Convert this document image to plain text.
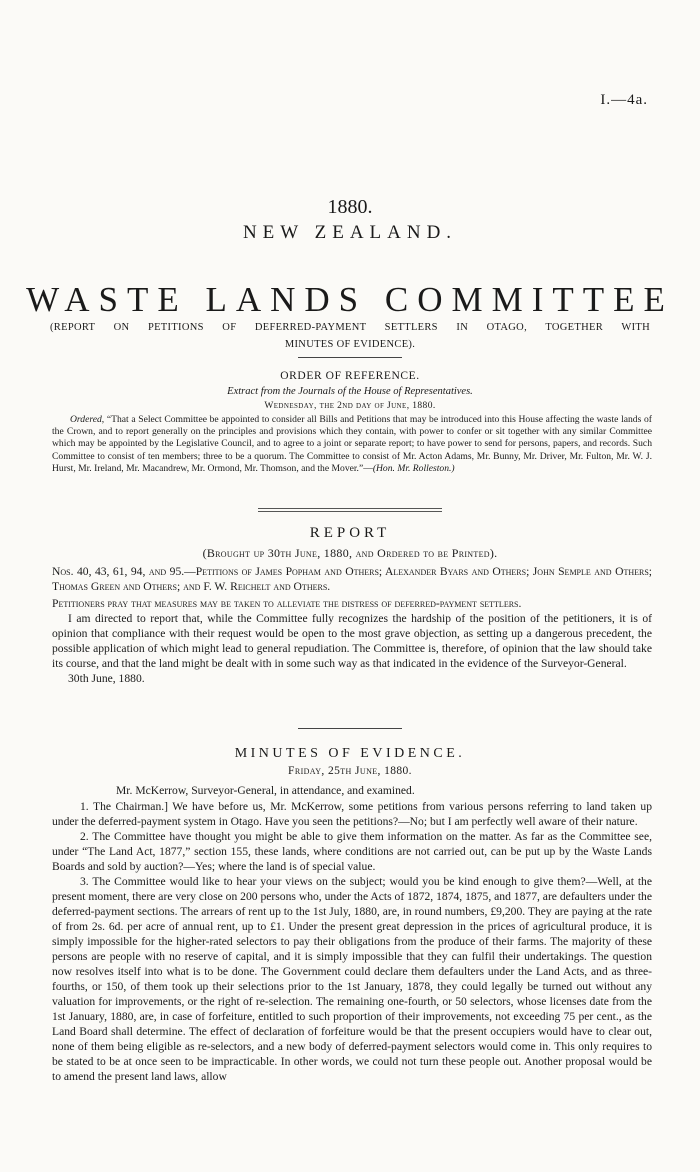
I.—4a.
1880.
NEW ZEALAND.
WASTE LANDS COMMITTEE
(REPORT ON PETITIONS OF DEFERRED-PAYMENT SETTLERS IN OTAGO, TOGETHER WITH
MINUTES OF EVIDENCE).
ORDER OF REFERENCE.
Extract from the Journals of the House of Representatives.
Wednesday, the 2nd day of June, 1880.

Ordered, “That a Select Committee be appointed to consider all Bills and Petitions that may be introduced into this House affecting the waste lands of the Crown, and to report generally on the principles and provisions which they contain, with power to confer or sit together with any similar Committee which may be appointed by the Legislative Council, and to agree to a joint or separate report; to have power to send for persons, papers, and records. Such Committee to consist of ten members; three to be a quorum. The Committee to consist of Mr. Acton Adams, Mr. Bunny, Mr. Driver, Mr. Fulton, Mr. W. J. Hurst, Mr. Ireland, Mr. Macandrew, Mr. Ormond, Mr. Thomson, and the Mover.”—(Hon. Mr. Rolleston.)

REPORT
(Brought up 30th June, 1880, and Ordered to be Printed).

Nos. 40, 43, 61, 94, and 95.—Petitions of James Popham and Others; Alexander Byars and Others; John Semple and Others; Thomas Green and Others; and F. W. Reichelt and Others.

Petitioners pray that measures may be taken to alleviate the distress of deferred-payment settlers.
I am directed to report that, while the Committee fully recognizes the hardship of the position of the petitioners, it is of opinion that compliance with their request would be open to the most grave objection, as setting up a dangerous precedent, the possible application of which might lead to general repudiation. The Committee is, therefore, of opinion that the law should take its course, and that the land might be dealt with in some such way as that indicated in the evidence of the Surveyor-General.
30th June, 1880.
MINUTES OF EVIDENCE.
Friday, 25th June, 1880.
Mr. McKerrow, Surveyor-General, in attendance, and examined.
1. The Chairman.] We have before us, Mr. McKerrow, some petitions from various persons referring to land taken up under the deferred-payment system in Otago. Have you seen the petitions?—No; but I am perfectly well aware of their nature.
2. The Committee have thought you might be able to give them information on the matter. As far as the Committee see, under “The Land Act, 1877,” section 155, these lands, where conditions are not carried out, can be put up by the Waste Lands Boards and sold by auction?—Yes; where the land is of special value.
3. The Committee would like to hear your views on the subject; would you be kind enough to give them?—Well, at the present moment, there are very close on 200 persons who, under the Acts of 1872, 1874, 1875, and 1877, are defaulters under the deferred-payment sections. The arrears of rent up to the 1st July, 1880, are, in round numbers, £9,200. They are paying at the rate of from 2s. 6d. per acre of annual rent, up to £1. Under the present great depression in the prices of agricultural produce, it is simply impossible for the higher-rated selectors to pay their obligations from the produce of their farms. The majority of these persons are people with no reserve of capital, and it is simply impossible that they can fulfil their undertakings. The question now resolves itself into what is to be done. The Government could declare them defaulters under the Land Acts, and as three-fourths, or 150, of them took up their selections prior to the 1st January, 1878, they could legally be turned out without any valuation for improvements, or the right of re-selection. The remaining one-fourth, or 50 selectors, whose licenses date from the 1st January, 1880, are, in case of forfeiture, entitled to such proportion of their improvements, not exceeding 75 per cent., as the Land Board shall determine. The effect of declaration of forfeiture would be that the present occupiers would have to clear out, none of them being eligible as re-selectors, and a new body of deferred-payment selectors would come in. This only requires to be stated to be at once seen to be impracticable. In other words, we could not turn these people out. Another proposal would be to amend the present land laws, allow
